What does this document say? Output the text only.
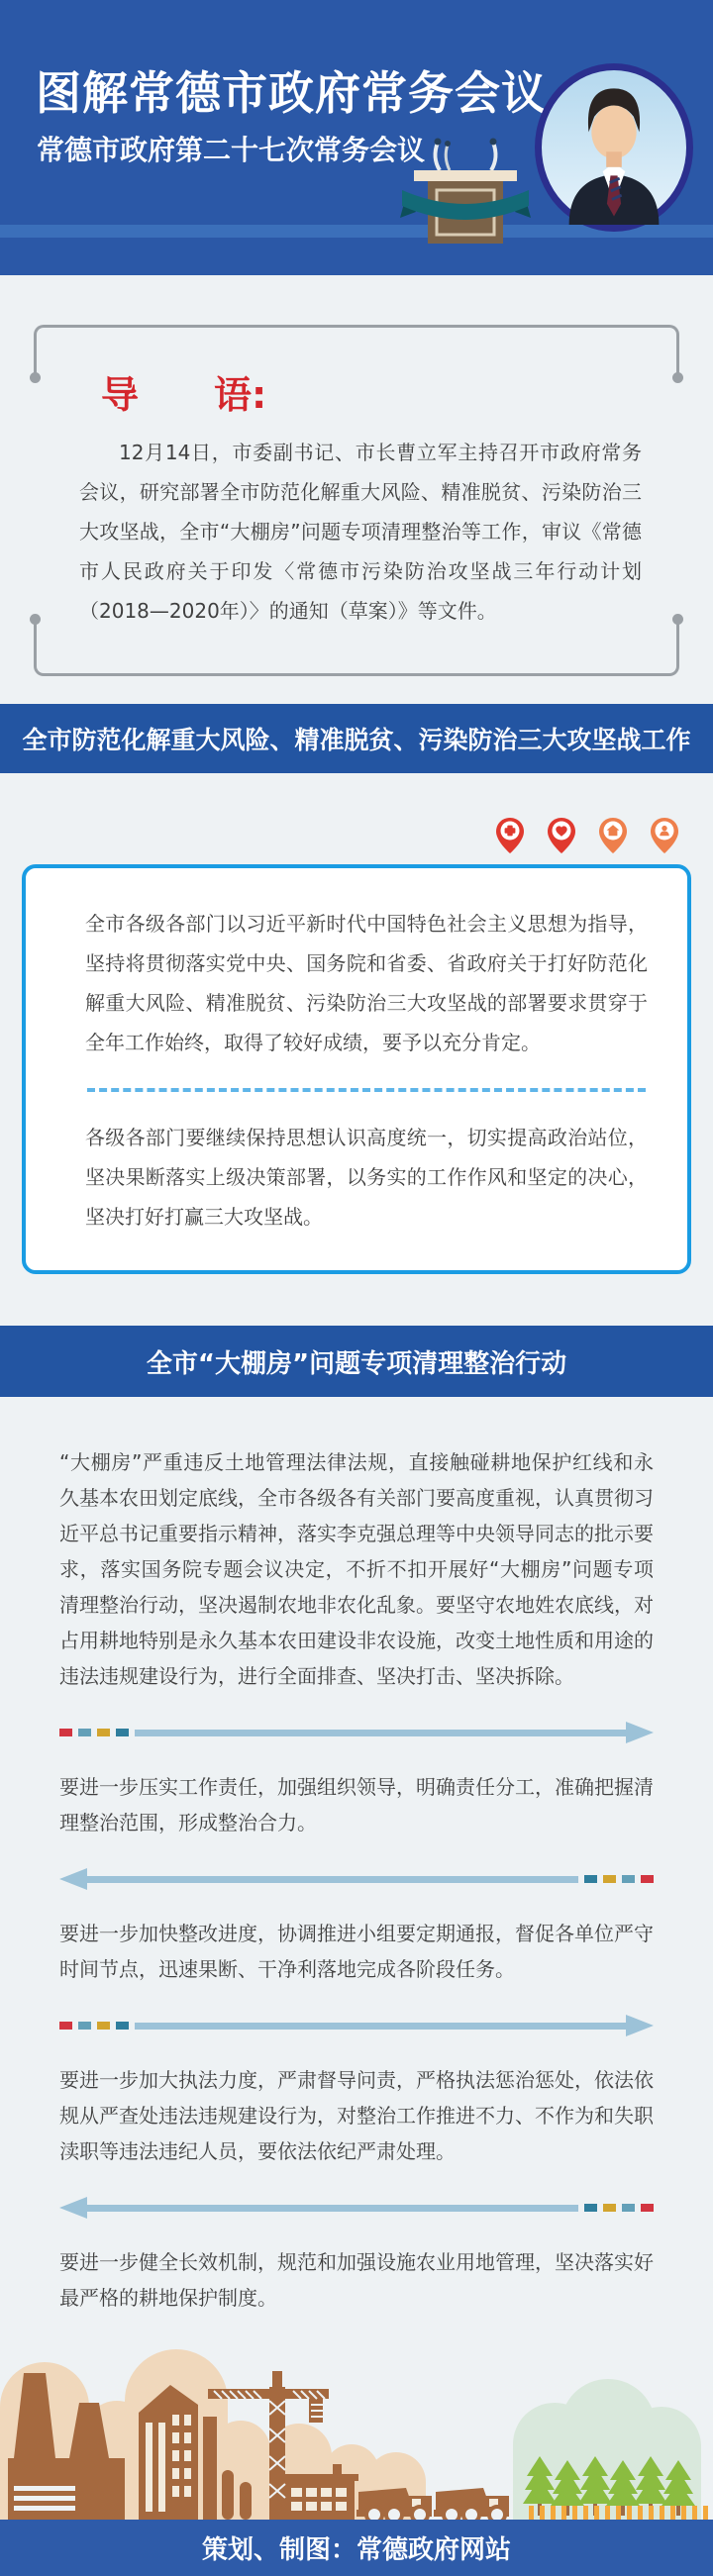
图解常德市政府常务会议
常德市政府第二十七次常务会议
导　　语:

12月14日，市委副书记、市长曹立军主持召开市政府常务会议，研究部署全市防范化解重大风险、精准脱贫、污染防治三大攻坚战，全市“大棚房”问题专项清理整治等工作，审议《常德市人民政府关于印发〈常德市污染防治攻坚战三年行动计划（2018—2020年）〉的通知（草案）》等文件。

全市防范化解重大风险、精准脱贫、污染防治三大攻坚战工作

全市各级各部门以习近平新时代中国特色社会主义思想为指导，坚持将贯彻落实党中央、国务院和省委、省政府关于打好防范化解重大风险、精准脱贫、污染防治三大攻坚战的部署要求贯穿于全年工作始终，取得了较好成绩，要予以充分肯定。

各级各部门要继续保持思想认识高度统一，切实提高政治站位，坚决果断落实上级决策部署，以务实的工作作风和坚定的决心，坚决打好打赢三大攻坚战。

全市“大棚房”问题专项清理整治行动

“大棚房”严重违反土地管理法律法规，直接触碰耕地保护红线和永久基本农田划定底线，全市各级各有关部门要高度重视，认真贯彻习近平总书记重要指示精神，落实李克强总理等中央领导同志的批示要求，落实国务院专题会议决定，不折不扣开展好“大棚房”问题专项清理整治行动，坚决遏制农地非农化乱象。要坚守农地姓农底线，对占用耕地特别是永久基本农田建设非农设施，改变土地性质和用途的违法违规建设行为，进行全面排查、坚决打击、坚决拆除。

要进一步压实工作责任，加强组织领导，明确责任分工，准确把握清理整治范围，形成整治合力。

要进一步加快整改进度，协调推进小组要定期通报，督促各单位严守时间节点，迅速果断、干净利落地完成各阶段任务。

要进一步加大执法力度，严肃督导问责，严格执法惩治惩处，依法依规从严查处违法违规建设行为，对整治工作推进不力、不作为和失职渎职等违法违纪人员，要依法依纪严肃处理。

要进一步健全长效机制，规范和加强设施农业用地管理，坚决落实好最严格的耕地保护制度。

策划、制图：常德政府网站
